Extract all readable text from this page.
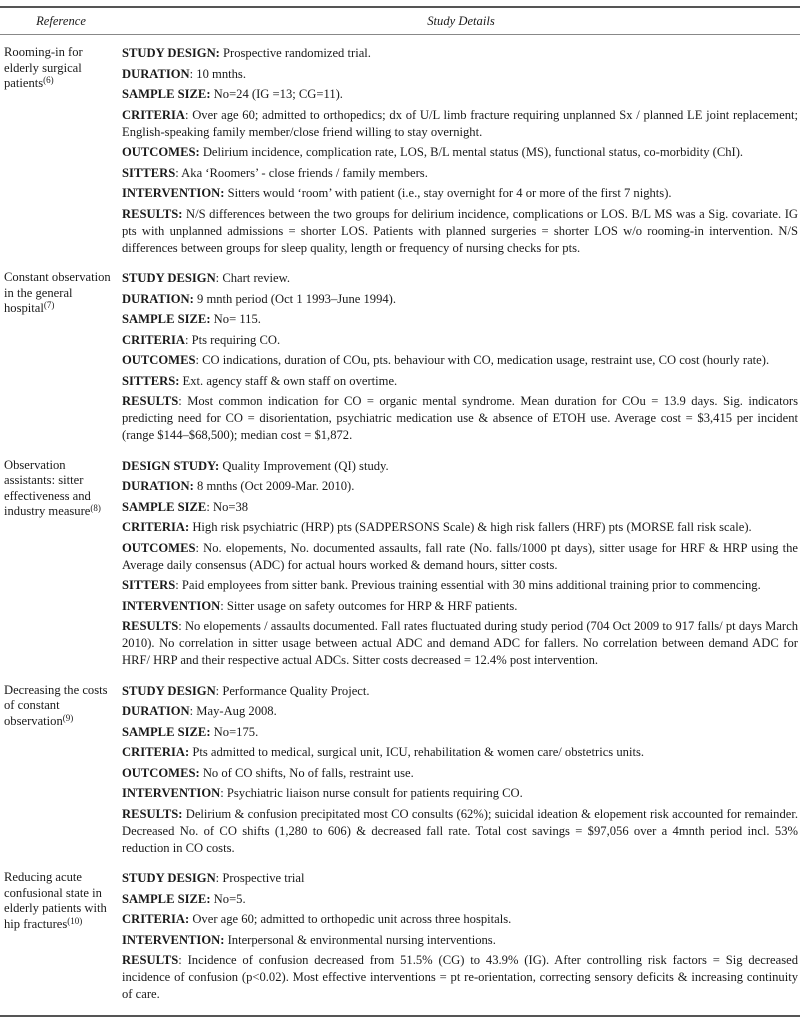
Reference	Study Details
Rooming-in for elderly surgical patients$^{(6)}$

STUDY DESIGN: Prospective randomized trial.

DURATION: 10 mnths.

SAMPLE SIZE: No=24 (IG =13; CG=11).

CRITERIA: Over age 60; admitted to orthopedics; dx of U/L limb fracture requiring unplanned Sx / planned LE joint replacement; English-speaking family member/close friend willing to stay overnight.

OUTCOMES: Delirium incidence, complication rate, LOS, B/L mental status (MS), functional status, co-morbidity (ChI).

SITTERS: Aka ‘Roomers’ - close friends / family members.

INTERVENTION: Sitters would ‘room’ with patient (i.e., stay overnight for 4 or more of the first 7 nights).

RESULTS: N/S differences between the two groups for delirium incidence, complications or LOS. B/L MS was a Sig. covariate. IG pts with unplanned admissions = shorter LOS. Patients with planned surgeries = shorter LOS w/o rooming-in intervention. N/S differences between groups for sleep quality, length or frequency of nursing checks for pts.

Constant observation in the general hospital$^{(7)}$

STUDY DESIGN: Chart review.

DURATION: 9 mnth period (Oct 1 1993–June 1994).

SAMPLE SIZE: No= 115.

CRITERIA: Pts requiring CO.

OUTCOMES: CO indications, duration of COu, pts. behaviour with CO, medication usage, restraint use, CO cost (hourly rate).

SITTERS: Ext. agency staff & own staff on overtime.

RESULTS: Most common indication for CO = organic mental syndrome. Mean duration for COu = 13.9 days. Sig. indicators predicting need for CO = disorientation, psychiatric medication use & absence of ETOH use. Average cost = $3,415 per incident (range $144–$68,500); median cost = $1,872.

Observation assistants: sitter effectiveness and industry measure$^{(8)}$

DESIGN STUDY: Quality Improvement (QI) study.

DURATION: 8 mnths (Oct 2009-Mar. 2010).

SAMPLE SIZE: No=38

CRITERIA: High risk psychiatric (HRP) pts (SADPERSONS Scale) & high risk fallers (HRF) pts (MORSE fall risk scale).

OUTCOMES: No. elopements, No. documented assaults, fall rate (No. falls/1000 pt days), sitter usage for HRF & HRP using the Average daily consensus (ADC) for actual hours worked & demand hours, sitter costs.

SITTERS: Paid employees from sitter bank. Previous training essential with 30 mins additional training prior to commencing.

INTERVENTION: Sitter usage on safety outcomes for HRP & HRF patients.

RESULTS: No elopements / assaults documented. Fall rates fluctuated during study period (704 Oct 2009 to 917 falls/ pt days March 2010). No correlation in sitter usage between actual ADC and demand ADC for fallers. No correlation between demand ADC for HRF/ HRP and their respective actual ADCs. Sitter costs decreased = 12.4% post intervention.

Decreasing the costs of constant observation$^{(9)}$

STUDY DESIGN: Performance Quality Project.

DURATION: May-Aug 2008.

SAMPLE SIZE: No=175.

CRITERIA: Pts admitted to medical, surgical unit, ICU, rehabilitation & women care/ obstetrics units.

OUTCOMES: No of CO shifts, No of falls, restraint use.

INTERVENTION: Psychiatric liaison nurse consult for patients requiring CO.

RESULTS: Delirium & confusion precipitated most CO consults (62%); suicidal ideation & elopement risk accounted for remainder. Decreased No. of CO shifts (1,280 to 606) & decreased fall rate. Total cost savings = $97,056 over a 4mnth period incl. 53% reduction in CO costs.

Reducing acute confusional state in elderly patients with hip fractures$^{(10)}$

STUDY DESIGN: Prospective trial

SAMPLE SIZE: No=5.

CRITERIA: Over age 60; admitted to orthopedic unit across three hospitals.

INTERVENTION: Interpersonal & environmental nursing interventions.

RESULTS: Incidence of confusion decreased from 51.5% (CG) to 43.9% (IG). After controlling risk factors = Sig decreased incidence of confusion (p<0.02). Most effective interventions = pt re-orientation, correcting sensory deficits & increasing continuity of care.
